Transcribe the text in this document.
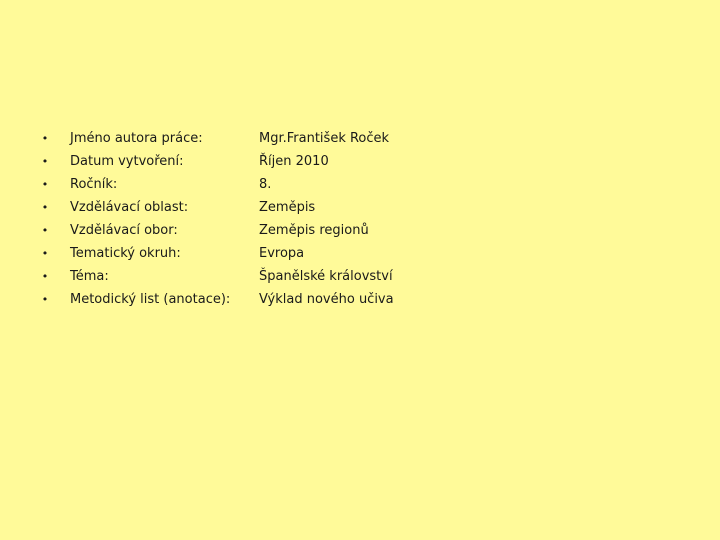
• Jméno autora práce:	Mgr.František Roček
• Datum vytvoření:	Říjen 2010
• Ročník:	8.
• Vzdělávací oblast:	Zeměpis
• Vzdělávací obor:	Zeměpis regionů
• Tematický okruh:	Evropa
• Téma:	Španělské království
• Metodický list (anotace): Výklad nového učiva
